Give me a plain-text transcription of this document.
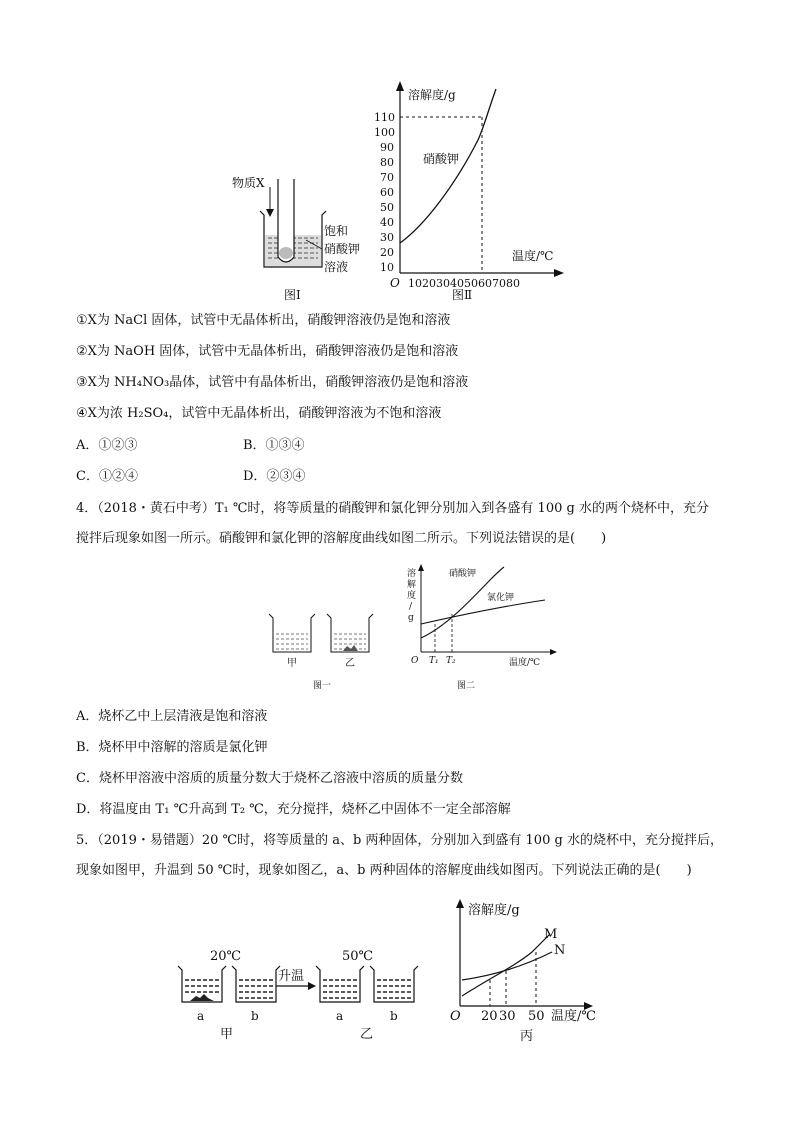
物质X
饱和
硝酸钾
溶液
图Ⅰ
溶解度/g
温度/℃
O
110
100
90
80
70
60
50
40
30
20
10
1020304050607080
硝酸钾
图Ⅱ
①X为 NaCl 固体，试管中无晶体析出，硝酸钾溶液仍是饱和溶液
②X为 NaOH 固体，试管中无晶体析出，硝酸钾溶液仍是饱和溶液
③X为 NH₄NO₃晶体，试管中有晶体析出，硝酸钾溶液仍是饱和溶液
④X为浓 H₂SO₄，试管中无晶体析出，硝酸钾溶液为不饱和溶液
A．①②③	B．①③④
C．①②④	D．②③④
4．（2018・黄石中考）T₁ ℃时，将等质量的硝酸钾和氯化钾分别加入到各盛有 100 g 水的两个烧杯中，充分
搅拌后现象如图一所示。硝酸钾和氯化钾的溶解度曲线如图二所示。下列说法错误的是(　　)
甲	乙
图一
溶
解
度
/
g
硝酸钾
氯化钾
O T₁ T₂	温度/℃
图二
A．烧杯乙中上层清液是饱和溶液
B．烧杯甲中溶解的溶质是氯化钾
C．烧杯甲溶液中溶质的质量分数大于烧杯乙溶液中溶质的质量分数
D．将温度由 T₁ ℃升高到 T₂ ℃，充分搅拌，烧杯乙中固体不一定全部溶解
5．（2019・易错题）20 ℃时，将等质量的 a、b 两种固体，分别加入到盛有 100 g 水的烧杯中，充分搅拌后，
现象如图甲，升温到 50 ℃时，现象如图乙，a、b 两种固体的溶解度曲线如图丙。下列说法正确的是(　　)
20℃	50℃
升温
a	b	a	b
甲	乙
溶解度/g
M
N
O 20 30 50 温度/℃
丙
